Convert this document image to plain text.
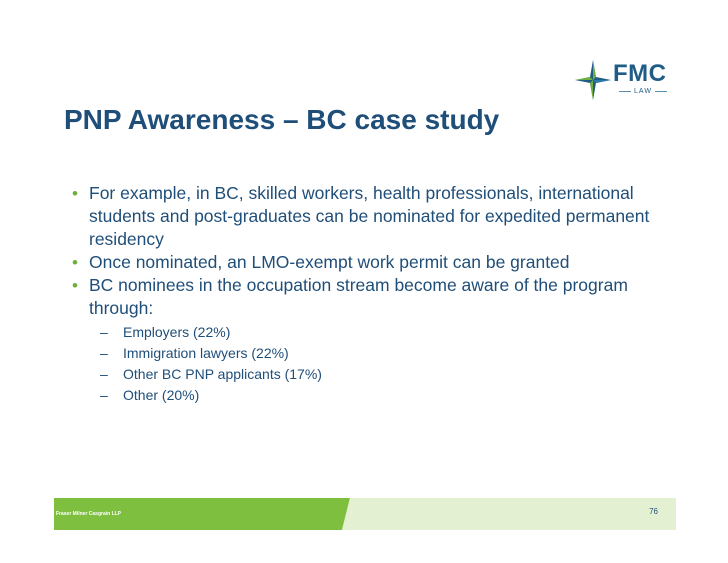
FMC
LAW
PNP Awareness – BC case study
• For example, in BC, skilled workers, health professionals, international students and post-graduates can be nominated for expedited permanent residency
• Once nominated, an LMO-exempt work permit can be granted
• BC nominees in the occupation stream become aware of the program through:
– Employers (22%)
– Immigration lawyers (22%)
– Other BC PNP applicants (17%)
– Other (20%)
Fraser Milner Casgrain LLP	76
